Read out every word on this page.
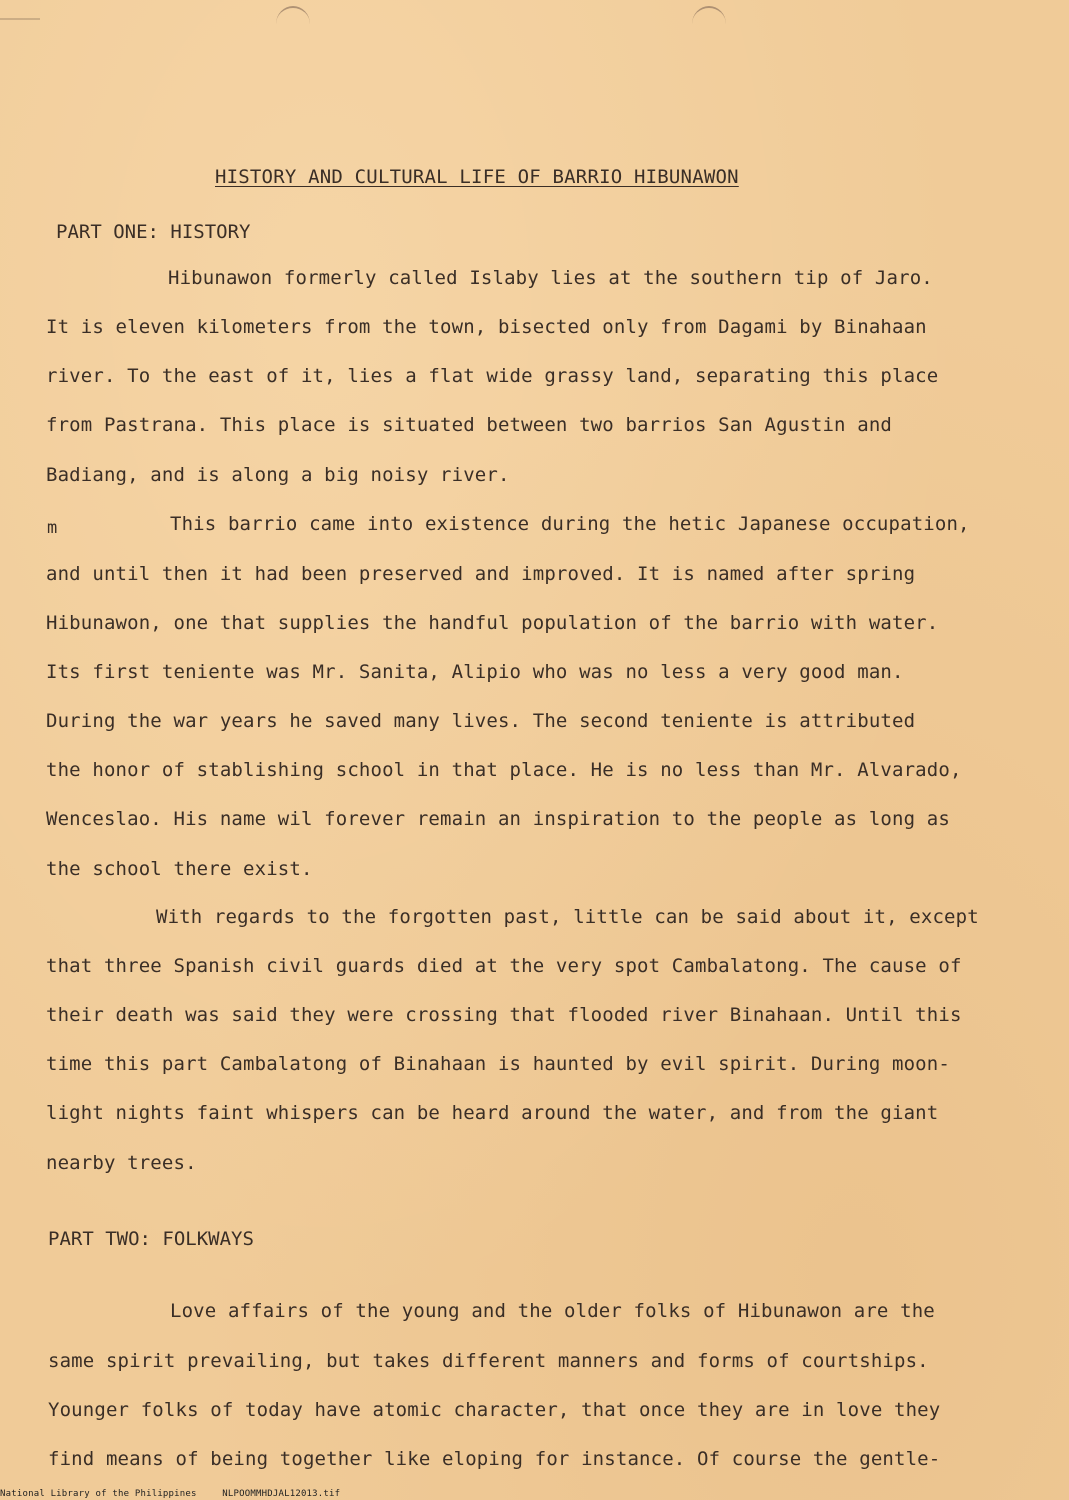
HISTORY AND CULTURAL LIFE OF BARRIO HIBUNAWON
PART ONE: HISTORY
Hibunawon formerly called Islaby lies at the southern tip of Jaro.
It is eleven kilometers from the town, bisected only from Dagami by Binahaan
river. To the east of it, lies a flat wide grassy land, separating this place
from Pastrana. This place is situated between two barrios San Agustin and
Badiang, and is along a big noisy river.
m	This barrio came into existence during the hetic Japanese occupation,
and until then it had been preserved and improved. It is named after spring
Hibunawon, one that supplies the handful population of the barrio with water.
Its first teniente was Mr. Sanita, Alipio who was no less a very good man.
During the war years he saved many lives. The second teniente is attributed
the honor of stablishing school in that place. He is no less than Mr. Alvarado,
Wenceslao. His name wil forever remain an inspiration to the people as long as
the school there exist.
With regards to the forgotten past, little can be said about it, except
that three Spanish civil guards died at the very spot Cambalatong. The cause of
their death was said they were crossing that flooded river Binahaan. Until this
time this part Cambalatong of Binahaan is haunted by evil spirit. During moon-
light nights faint whispers can be heard around the water, and from the giant
nearby trees.
PART TWO: FOLKWAYS
Love affairs of the young and the older folks of Hibunawon are the
same spirit prevailing, but takes different manners and forms of courtships.
Younger folks of today have atomic character, that once they are in love they
find means of being together like eloping for instance. Of course the gentle-
National Library of the Philippines	NLPOOMMHDJAL12013.tif
